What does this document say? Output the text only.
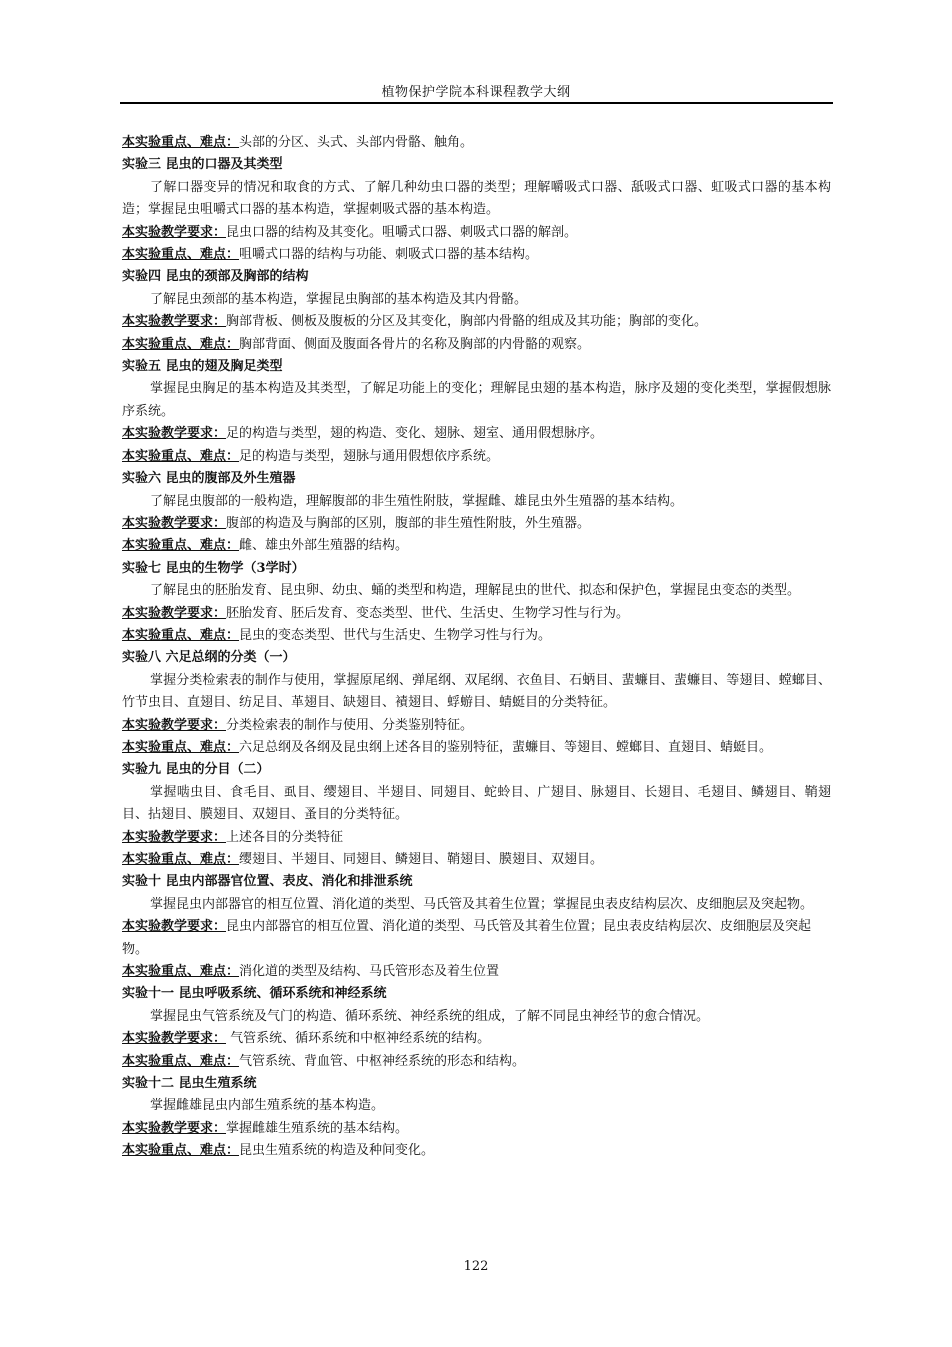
植物保护学院本科课程教学大纲

本实验重点、难点：头部的分区、头式、头部内骨骼、触角。

实验三 昆虫的口器及其类型

了解口器变异的情况和取食的方式、了解几种幼虫口器的类型；理解嚼吸式口器、舐吸式口器、虹吸式口器的基本构造；掌握昆虫咀嚼式口器的基本构造，掌握刺吸式器的基本构造。

本实验教学要求：昆虫口器的结构及其变化。咀嚼式口器、刺吸式口器的解剖。

本实验重点、难点：咀嚼式口器的结构与功能、刺吸式口器的基本结构。

实验四 昆虫的颈部及胸部的结构

了解昆虫颈部的基本构造，掌握昆虫胸部的基本构造及其内骨骼。

本实验教学要求：胸部背板、侧板及腹板的分区及其变化，胸部内骨骼的组成及其功能；胸部的变化。

本实验重点、难点：胸部背面、侧面及腹面各骨片的名称及胸部的内骨骼的观察。

实验五 昆虫的翅及胸足类型

掌握昆虫胸足的基本构造及其类型，了解足功能上的变化；理解昆虫翅的基本构造，脉序及翅的变化类型，掌握假想脉序系统。

本实验教学要求：足的构造与类型，翅的构造、变化、翅脉、翅室、通用假想脉序。

本实验重点、难点：足的构造与类型，翅脉与通用假想依序系统。

实验六 昆虫的腹部及外生殖器

了解昆虫腹部的一般构造，理解腹部的非生殖性附肢，掌握雌、雄昆虫外生殖器的基本结构。

本实验教学要求：腹部的构造及与胸部的区别，腹部的非生殖性附肢，外生殖器。

本实验重点、难点：雌、雄虫外部生殖器的结构。

实验七 昆虫的生物学（3学时）

了解昆虫的胚胎发育、昆虫卵、幼虫、蛹的类型和构造，理解昆虫的世代、拟态和保护色，掌握昆虫变态的类型。

本实验教学要求：胚胎发育、胚后发育、变态类型、世代、生活史、生物学习性与行为。

本实验重点、难点：昆虫的变态类型、世代与生活史、生物学习性与行为。

实验八 六足总纲的分类（一）

掌握分类检索表的制作与使用，掌握原尾纲、弹尾纲、双尾纲、衣鱼目、石蛃目、蜚蠊目、蜚蠊目、等翅目、螳螂目、竹节虫目、直翅目、纺足目、革翅目、缺翅目、襀翅目、蜉蝣目、蜻蜓目的分类特征。

本实验教学要求：分类检索表的制作与使用、分类鉴别特征。

本实验重点、难点：六足总纲及各纲及昆虫纲上述各目的鉴别特征，蜚蠊目、等翅目、螳螂目、直翅目、蜻蜓目。

实验九 昆虫的分目（二）

掌握啮虫目、食毛目、虱目、缨翅目、半翅目、同翅目、蛇蛉目、广翅目、脉翅目、长翅目、毛翅目、鳞翅目、鞘翅目、拈翅目、膜翅目、双翅目、蚤目的分类特征。

本实验教学要求：上述各目的分类特征

本实验重点、难点：缨翅目、半翅目、同翅目、鳞翅目、鞘翅目、膜翅目、双翅目。

实验十 昆虫内部器官位置、表皮、消化和排泄系统

掌握昆虫内部器官的相互位置、消化道的类型、马氏管及其着生位置；掌握昆虫表皮结构层次、皮细胞层及突起物。

本实验教学要求：昆虫内部器官的相互位置、消化道的类型、马氏管及其着生位置；昆虫表皮结构层次、皮细胞层及突起物。

本实验重点、难点：消化道的类型及结构、马氏管形态及着生位置

实验十一 昆虫呼吸系统、循环系统和神经系统

掌握昆虫气管系统及气门的构造、循环系统、神经系统的组成，了解不同昆虫神经节的愈合情况。

本实验教学要求： 气管系统、循环系统和中枢神经系统的结构。

本实验重点、难点：气管系统、背血管、中枢神经系统的形态和结构。

实验十二 昆虫生殖系统

掌握雌雄昆虫内部生殖系统的基本构造。

本实验教学要求：掌握雌雄生殖系统的基本结构。

本实验重点、难点：昆虫生殖系统的构造及种间变化。

122
